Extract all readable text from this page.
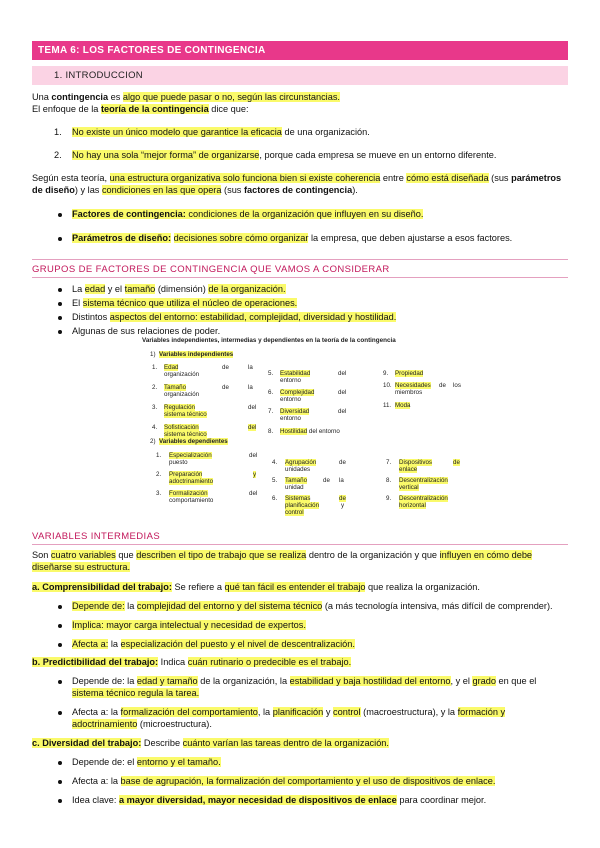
TEMA 6: LOS FACTORES DE CONTINGENCIA
1. INTRODUCCION
Una contingencia es algo que puede pasar o no, según las circunstancias.
El enfoque de la teoría de la contingencia dice que:
1. No existe un único modelo que garantice la eficacia de una organización.
2. No hay una sola “mejor forma” de organizarse, porque cada empresa se mueve en un entorno diferente.
Según esta teoría, una estructura organizativa solo funciona bien si existe coherencia entre cómo está diseñada (sus parámetros
de diseño) y las condiciones en las que opera (sus factores de contingencia).
Factores de contingencia: condiciones de la organización que influyen en su diseño.
Parámetros de diseño: decisiones sobre cómo organizar la empresa, que deben ajustarse a esos factores.
GRUPOS DE FACTORES DE CONTINGENCIA QUE VAMOS A CONSIDERAR
La edad y el tamaño (dimensión) de la organización.
El sistema técnico que utiliza el núcleo de operaciones.
Distintos aspectos del entorno: estabilidad, complejidad, diversidad y hostilidad.
Algunas de sus relaciones de poder.
Variables independientes, intermedias y dependientes en la teoría de la contingencia
1) Variables independientes
1. Edad	de	la
organización
2. Tamaño	de	la
organización
3. Regulación	del
sistema técnico
4. Sofisticación	del
sistema técnico
2) Variables dependientes
5. Estabilidad	del
entorno
6. Complejidad	del
entorno
7. Diversidad	del
entorno
8. Hostilidad del entorno
9. Propiedad
10. Necesidades de los
miembros
11. Moda
1. Especialización	del
puesto
2. Preparación	y
adoctrinamiento
3. Formalización	del
comportamiento
4. Agrupación	de
unidades
5. Tamaño	de la
unidad
6. Sistemas	de
planificación	y
control
7. Dispositivos	de
enlace
8. Descentralización
vertical
9. Descentralización
horizontal
VARIABLES INTERMEDIAS
Son cuatro variables que describen el tipo de trabajo que se realiza dentro de la organización y que influyen en cómo debe
diseñarse su estructura.
a. Comprensibilidad del trabajo: Se refiere a qué tan fácil es entender el trabajo que realiza la organización.
Depende de: la complejidad del entorno y del sistema técnico (a más tecnología intensiva, más difícil de comprender).
Implica: mayor carga intelectual y necesidad de expertos.
Afecta a: la especialización del puesto y el nivel de descentralización.
b. Predictibilidad del trabajo: Indica cuán rutinario o predecible es el trabajo.
Depende de: la edad y tamaño de la organización, la estabilidad y baja hostilidad del entorno, y el grado en que el
sistema técnico regula la tarea.
Afecta a: la formalización del comportamiento, la planificación y control (macroestructura), y la formación y
adoctrinamiento (microestructura).
c. Diversidad del trabajo: Describe cuánto varían las tareas dentro de la organización.
Depende de: el entorno y el tamaño.
Afecta a: la base de agrupación, la formalización del comportamiento y el uso de dispositivos de enlace.
Idea clave: a mayor diversidad, mayor necesidad de dispositivos de enlace para coordinar mejor.
